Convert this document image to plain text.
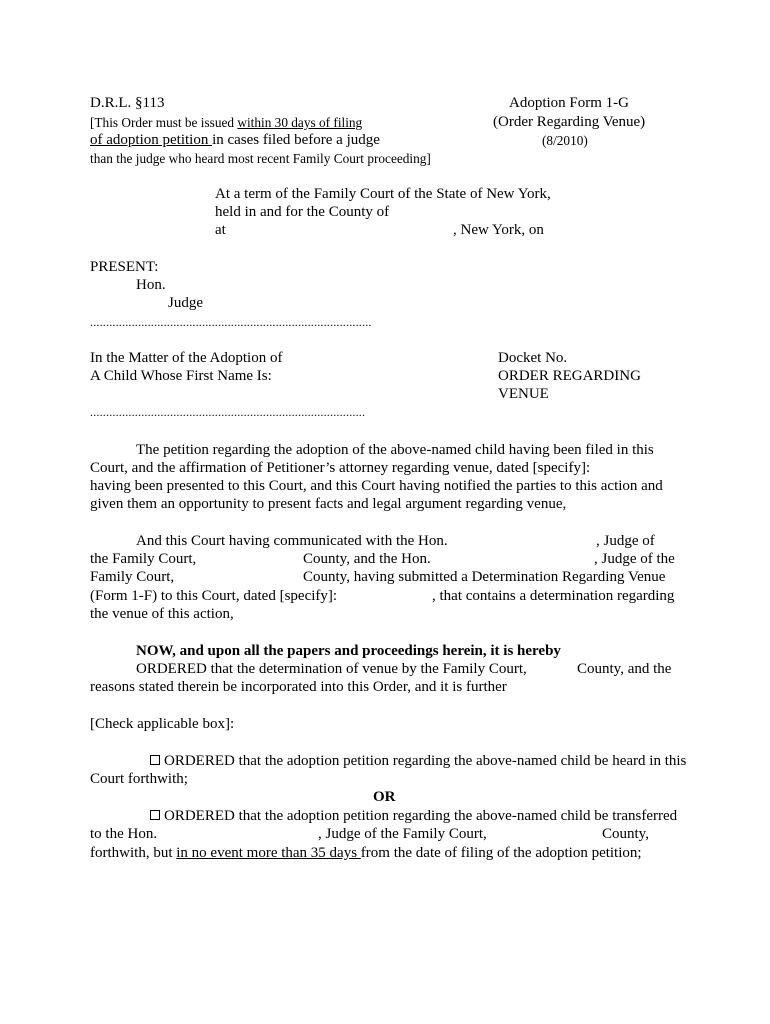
D.R.L. §113
[This Order must be issued within 30 days of filing
of adoption petition in cases filed before a judge
than the judge who heard most recent Family Court proceeding]
Adoption Form 1-G
(Order Regarding Venue)
(8/2010)
At a term of the Family Court of the State of New York,
held in and for the County of
at	, New York, on
PRESENT:
Hon.
Judge
........................................................................................
In the Matter of the Adoption of
A Child Whose First Name Is:
Docket No.
ORDER REGARDING
VENUE
......................................................................................
The petition regarding the adoption of the above-named child having been filed in this
Court, and the affirmation of Petitioner’s attorney regarding venue, dated [specify]:
having been presented to this Court, and this Court having notified the parties to this action and
given them an opportunity to present facts and legal argument regarding venue,
And this Court having communicated with the Hon.	, Judge of
the Family Court,	County, and the Hon.	, Judge of the
Family Court,	County, having submitted a Determination Regarding Venue
(Form 1-F) to this Court, dated [specify]:	, that contains a determination regarding
the venue of this action,
NOW, and upon all the papers and proceedings herein, it is hereby
ORDERED that the determination of venue by the Family Court,	County, and the
reasons stated therein be incorporated into this Order, and it is further
[Check applicable box]:
ORDERED that the adoption petition regarding the above-named child be heard in this
Court forthwith;
OR
ORDERED that the adoption petition regarding the above-named child be transferred
to the Hon.	, Judge of the Family Court,	County,
forthwith, but in no event more than 35 days from the date of filing of the adoption petition;
